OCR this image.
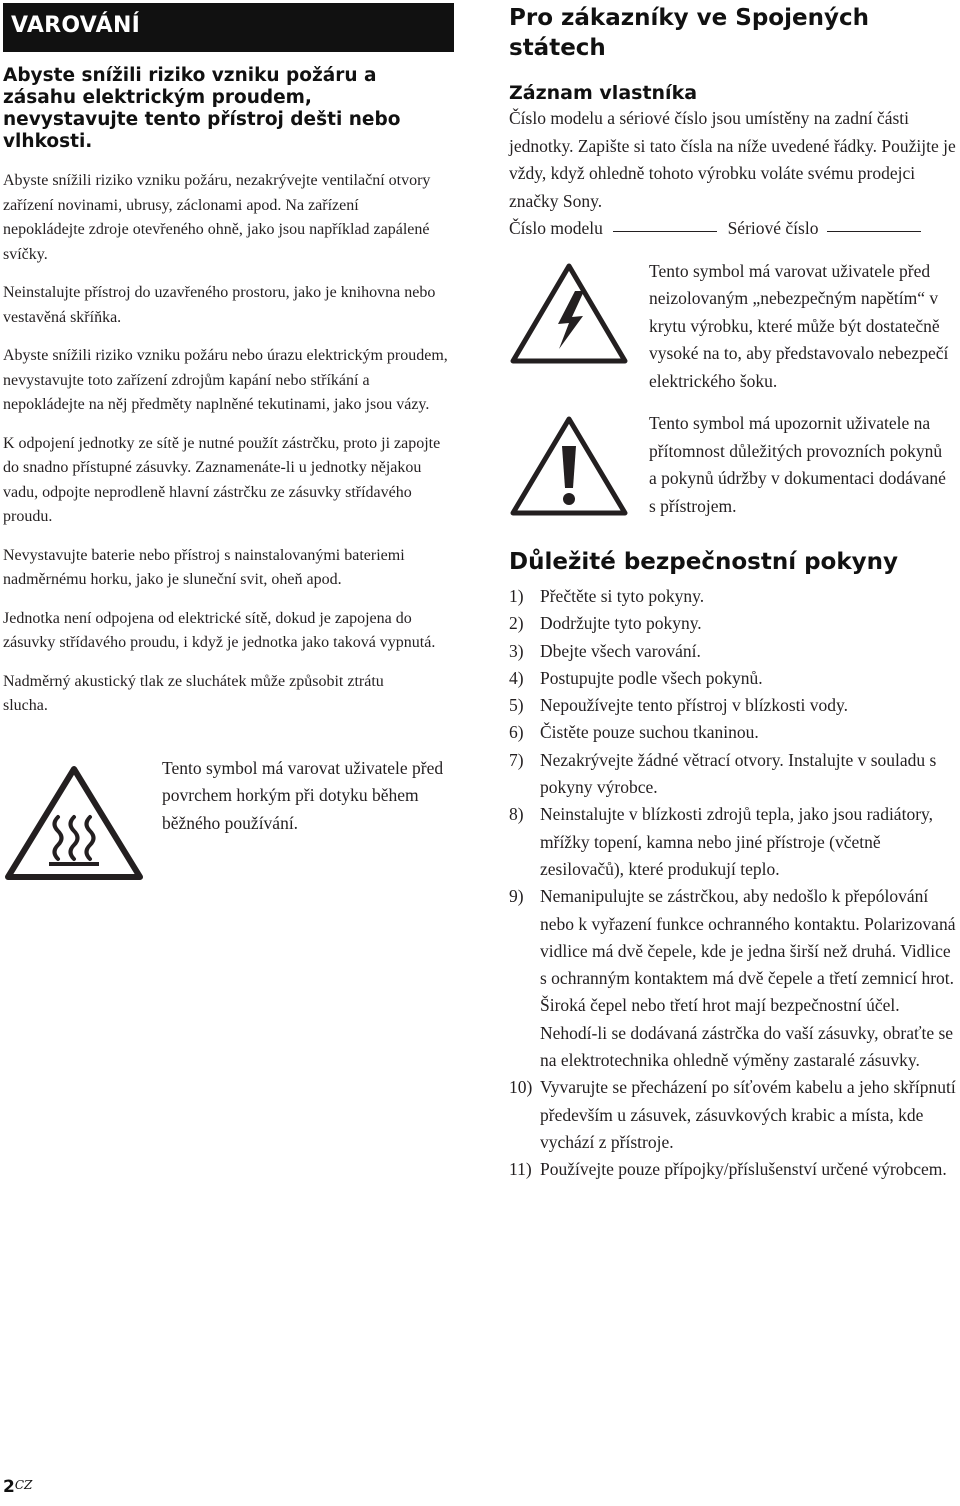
VAROVÁNÍ

Abyste snížili riziko vzniku požáru a zásahu elektrickým proudem, nevystavujte tento přístroj dešti nebo vlhkosti.

Abyste snížili riziko vzniku požáru, nezakrývejte ventilační otvory zařízení novinami, ubrusy, záclonami apod. Na zařízení nepokládejte zdroje otevřeného ohně, jako jsou například zapálené svíčky.

Neinstalujte přístroj do uzavřeného prostoru, jako je knihovna nebo vestavěná skříňka.

Abyste snížili riziko vzniku požáru nebo úrazu elektrickým proudem, nevystavujte toto zařízení zdrojům kapání nebo stříkání a nepokládejte na něj předměty naplněné tekutinami, jako jsou vázy.

K odpojení jednotky ze sítě je nutné použít zástrčku, proto ji zapojte do snadno přístupné zásuvky. Zaznamenáte-li u jednotky nějakou vadu, odpojte neprodleně hlavní zástrčku ze zásuvky střídavého proudu.

Nevystavujte baterie nebo přístroj s nainstalovanými bateriemi nadměrnému horku, jako je sluneční svit, oheň apod.

Jednotka není odpojena od elektrické sítě, dokud je zapojena do zásuvky střídavého proudu, i když je jednotka jako taková vypnutá.

Nadměrný akustický tlak ze sluchátek může způsobit ztrátu slucha.

Tento symbol má varovat uživatele před povrchem horkým při dotyku během běžného používání.
Pro zákazníky ve Spojených státech
Záznam vlastníka

Číslo modelu a sériové číslo jsou umístěny na zadní části jednotky. Zapište si tato čísla na níže uvedené řádky. Použijte je vždy, když ohledně tohoto výrobku voláte svému prodejci značky Sony.

Číslo modelu	Sériové číslo

Tento symbol má varovat uživatele před neizolovaným „nebezpečným napětím“ v krytu výrobku, které může být dostatečně vysoké na to, aby představovalo nebezpečí elektrického šoku.
Tento symbol má upozornit uživatele na přítomnost důležitých provozních pokynů a pokynů údržby v dokumentaci dodávané s přístrojem.
Důležité bezpečnostní pokyny
1) Přečtěte si tyto pokyny.
2) Dodržujte tyto pokyny.
3) Dbejte všech varování.
4) Postupujte podle všech pokynů.
5) Nepoužívejte tento přístroj v blízkosti vody.
6) Čistěte pouze suchou tkaninou.
7) Nezakrývejte žádné větrací otvory. Instalujte v souladu s pokyny výrobce.
8) Neinstalujte v blízkosti zdrojů tepla, jako jsou radiátory, mřížky topení, kamna nebo jiné přístroje (včetně zesilovačů), které produkují teplo.
9) Nemanipulujte se zástrčkou, aby nedošlo k přepólování nebo k vyřazení funkce ochranného kontaktu. Polarizovaná vidlice má dvě čepele, kde je jedna širší než druhá. Vidlice s ochranným kontaktem má dvě čepele a třetí zemnicí hrot. Široká čepel nebo třetí hrot mají bezpečnostní účel. Nehodí-li se dodávaná zástrčka do vaší zásuvky, obraťte se na elektrotechnika ohledně výměny zastaralé zásuvky.
10) Vyvarujte se přecházení po síťovém kabelu a jeho skřípnutí především u zásuvek, zásuvkových krabic a místa, kde vychází z přístroje.
11) Používejte pouze přípojky/příslušenství určené výrobcem.
2CZ
